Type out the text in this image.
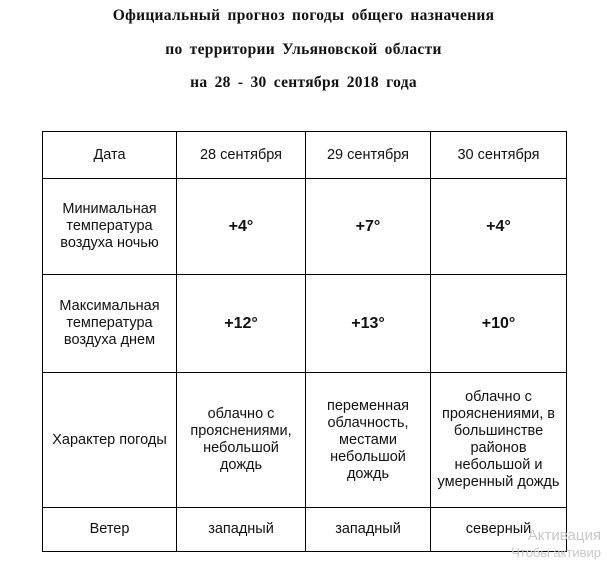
Официальный прогноз погоды общего назначения
по территории Ульяновской области
на 28 - 30 сентября 2018 года
Дата	28 сентября	29 сентября	30 сентября
Минимальная температура воздуха ночью	+4°	+7°	+4°
Максимальная температура воздуха днем	+12°	+13°	+10°
Характер погоды	облачно с прояснениями, небольшой дождь	переменная облачность, местами небольшой дождь	облачно с прояснениями, в большинстве районов небольшой и умеренный дождь
Ветер	западный	западный	северный
Активация
Чтобы активир
